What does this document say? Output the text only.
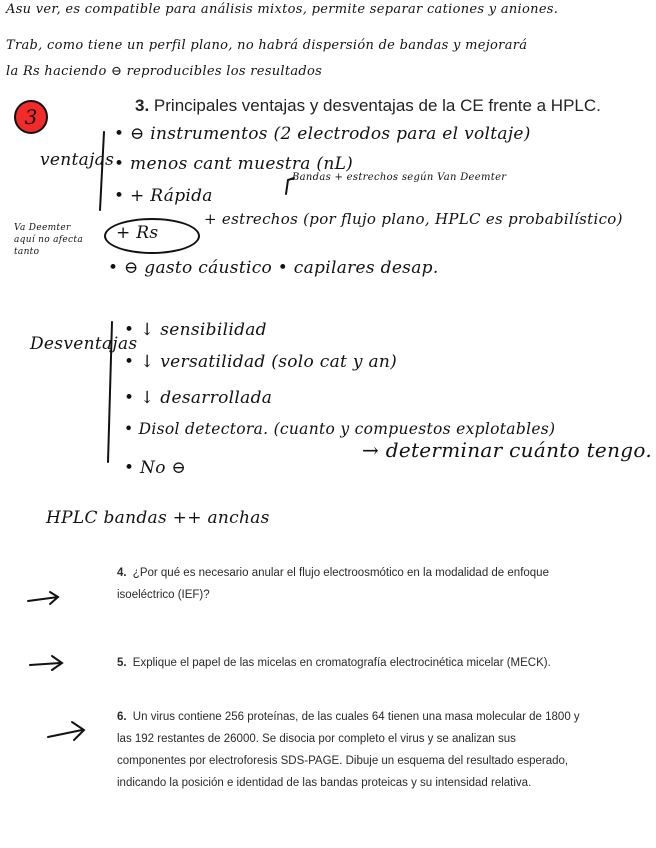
Asu ver, es compatible para análisis mixtos, permite separar cationes y aniones.
Trab, como tiene un perfil plano, no habrá dispersión de bandas y mejorará
la Rs haciendo ⊖ reproducibles los resultados
3	3. Principales ventajas y desventajas de la CE frente a HPLC.
ventajas
• ⊖ instrumentos (2 electrodos para el voltaje)
• menos cant muestra (nL)
• + Rápida
Bandas + estrechos según Van Deemter
+ Rs
+ estrechos (por flujo plano, HPLC es probabilístico)
Va Deemter aquí no afecta tanto
• ⊖ gasto cáustico • capilares desap.
Desventajas
• ↓ sensibilidad
• ↓ versatilidad (solo cat y an)
• ↓ desarrollada
• Disol detectora. (cuanto y compuestos explotables)
• No ⊖
→ determinar cuánto tengo.
HPLC bandas ++ anchas
4. ¿Por qué es necesario anular el flujo electroosmótico en la modalidad de enfoque isoeléctrico (IEF)?
5. Explique el papel de las micelas en cromatografía electrocinética micelar (MECK).
6. Un virus contiene 256 proteínas, de las cuales 64 tienen una masa molecular de 1800 y las 192 restantes de 26000. Se disocia por completo el virus y se analizan sus componentes por electroforesis SDS-PAGE. Dibuje un esquema del resultado esperado, indicando la posición e identidad de las bandas proteicas y su intensidad relativa.
